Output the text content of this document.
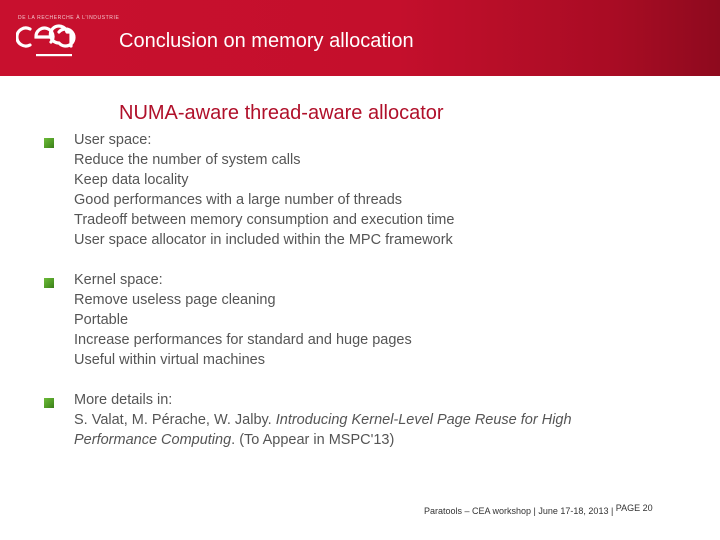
DE LA RECHERCHE À L'INDUSTRIE
Conclusion on memory allocation
NUMA-aware thread-aware allocator
User space:
Reduce the number of system calls
Keep data locality
Good performances with a large number of threads
Tradeoff between memory consumption and execution time
User space allocator in included within the MPC framework
Kernel space:
Remove useless page cleaning
Portable
Increase performances for standard and huge pages
Useful within virtual machines
More details in:
S. Valat, M. Pérache, W. Jalby. Introducing Kernel-Level Page Reuse for High
Performance Computing. (To Appear in MSPC'13)
Paratools – CEA workshop | June 17-18, 2013 | PAGE 20
